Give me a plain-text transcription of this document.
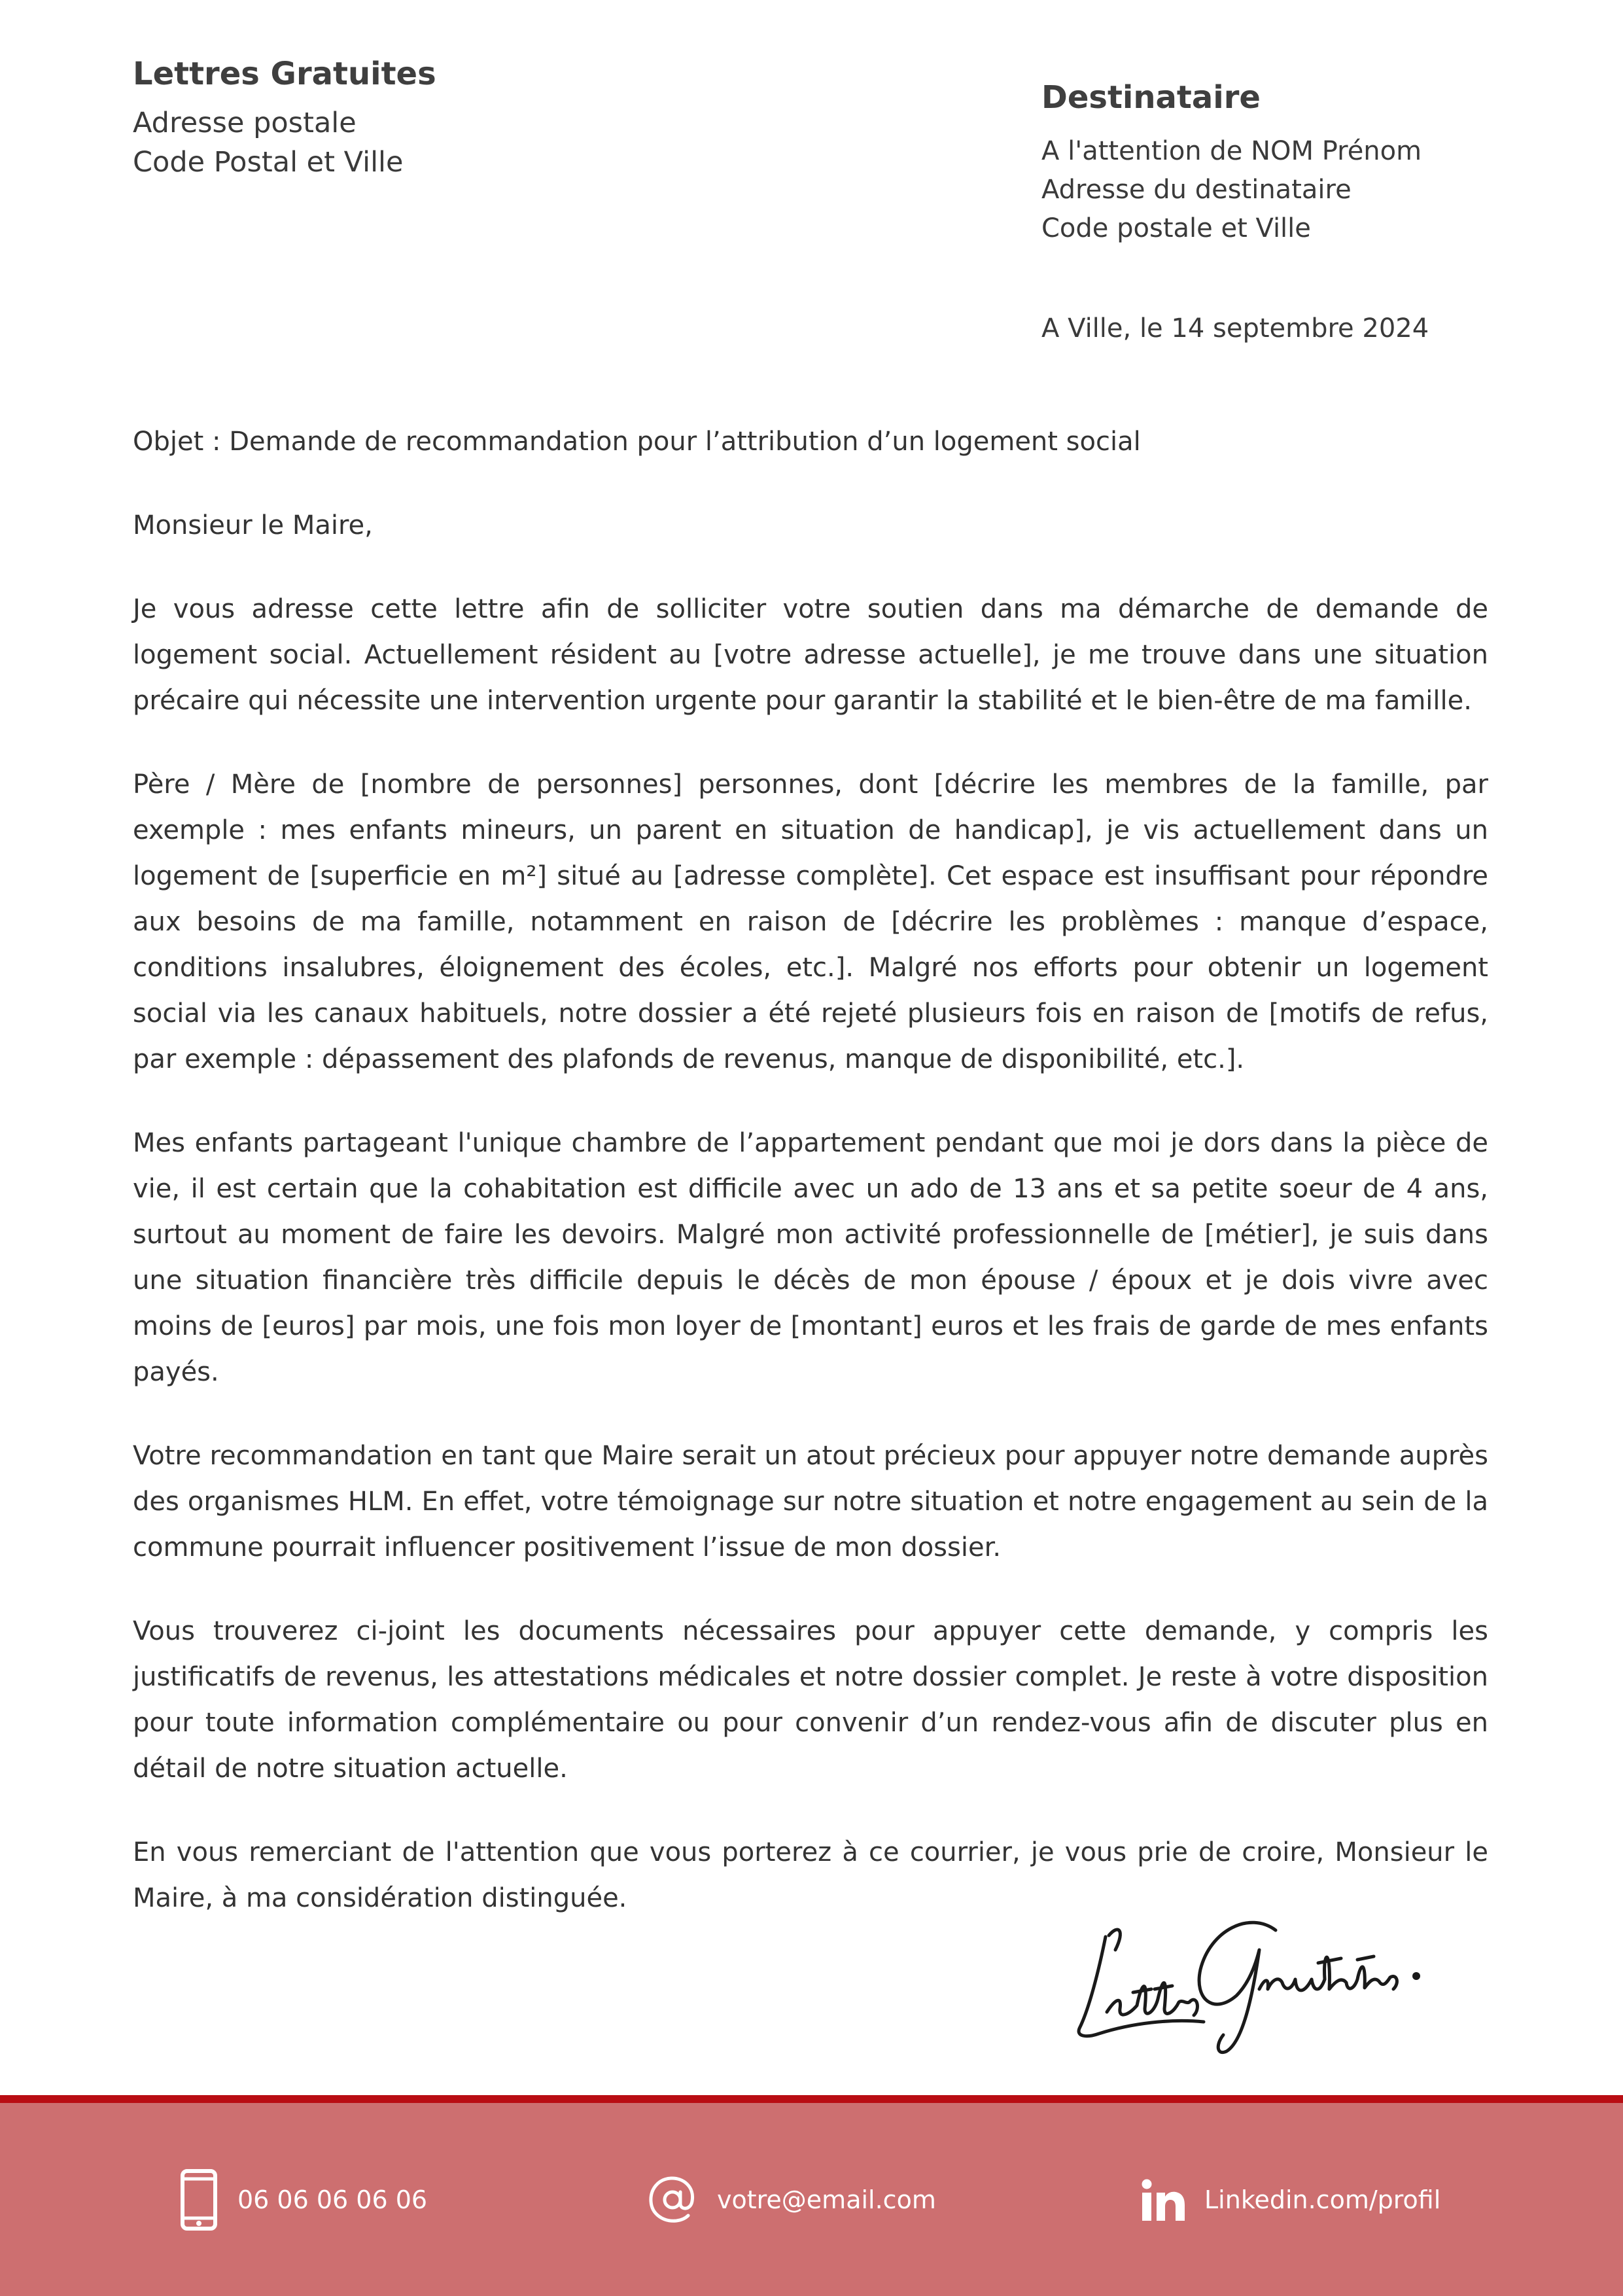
Lettres Gratuites
Adresse postale
Code Postal et Ville
Destinataire
A l'attention de NOM Prénom
Adresse du destinataire
Code postale et Ville
A Ville, le 14 septembre 2024

Objet : Demande de recommandation pour l’attribution d’un logement social

Monsieur le Maire,

Je vous adresse cette lettre afin de solliciter votre soutien dans ma démarche de demande de logement social. Actuellement résident au [votre adresse actuelle], je me trouve dans une situation précaire qui nécessite une intervention urgente pour garantir la stabilité et le bien-être de ma famille.

Père / Mère de [nombre de personnes] personnes, dont [décrire les membres de la famille, par exemple : mes enfants mineurs, un parent en situation de handicap], je vis actuellement dans un logement de [superficie en m²] situé au [adresse complète]. Cet espace est insuffisant pour répondre aux besoins de ma famille, notamment en raison de [décrire les problèmes : manque d’espace, conditions insalubres, éloignement des écoles, etc.]. Malgré nos efforts pour obtenir un logement social via les canaux habituels, notre dossier a été rejeté plusieurs fois en raison de [motifs de refus, par exemple : dépassement des plafonds de revenus, manque de disponibilité, etc.].

Mes enfants partageant l'unique chambre de l’appartement pendant que moi je dors dans la pièce de vie, il est certain que la cohabitation est difficile avec un ado de 13 ans et sa petite soeur de 4 ans, surtout au moment de faire les devoirs. Malgré mon activité professionnelle de [métier], je suis dans une situation financière très difficile depuis le décès de mon épouse / époux et je dois vivre avec moins de [euros] par mois, une fois mon loyer de [montant] euros et les frais de garde de mes enfants payés.

Votre recommandation en tant que Maire serait un atout précieux pour appuyer notre demande auprès des organismes HLM. En effet, votre témoignage sur notre situation et notre engagement au sein de la commune pourrait influencer positivement l’issue de mon dossier.

Vous trouverez ci-joint les documents nécessaires pour appuyer cette demande, y compris les justificatifs de revenus, les attestations médicales et notre dossier complet. Je reste à votre disposition pour toute information complémentaire ou pour convenir d’un rendez-vous afin de discuter plus en détail de notre situation actuelle.

En vous remerciant de l'attention que vous porterez à ce courrier, je vous prie de croire, Monsieur le Maire, à ma considération distinguée.

06 06 06 06 06	votre@email.com	Linkedin.com/profil
